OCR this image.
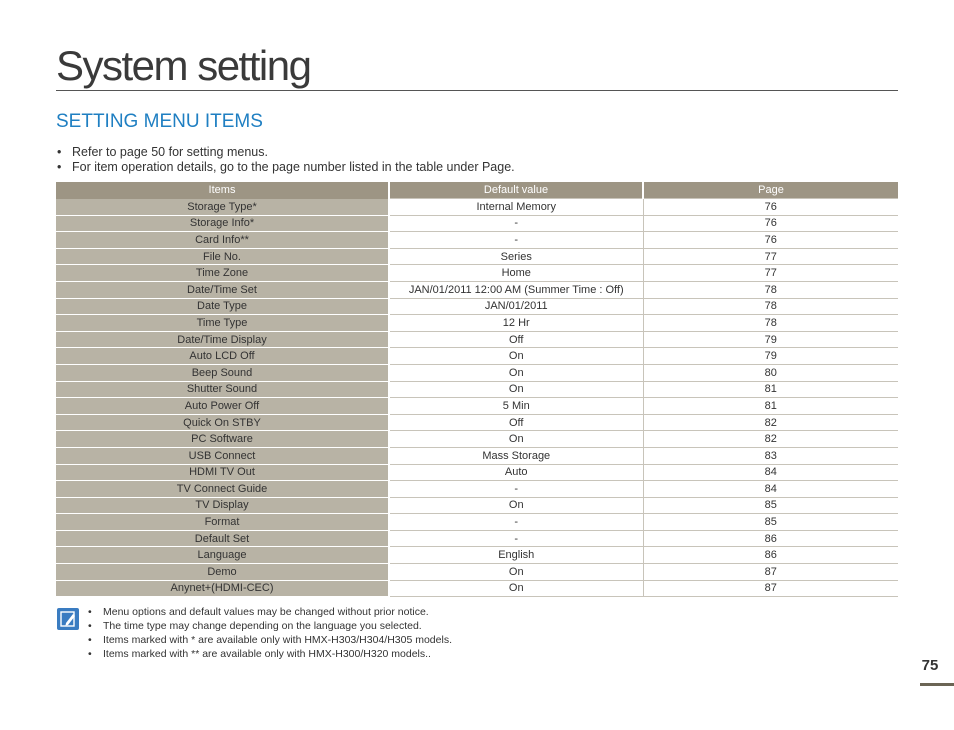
System setting
SETTING MENU ITEMS
• Refer to page 50 for setting menus.
• For item operation details, go to the page number listed in the table under Page.
Items	Default value	Page
Storage Type*	Internal Memory	76
Storage Info*	-	76
Card Info**	-	76
File No.	Series	77
Time Zone	Home	77
Date/Time Set	JAN/01/2011 12:00 AM (Summer Time : Off)	78
Date Type	JAN/01/2011	78
Time Type	12 Hr	78
Date/Time Display	Off	79
Auto LCD Off	On	79
Beep Sound	On	80
Shutter Sound	On	81
Auto Power Off	5 Min	81
Quick On STBY	Off	82
PC Software	On	82
USB Connect	Mass Storage	83
HDMI TV Out	Auto	84
TV Connect Guide	-	84
TV Display	On	85
Format	-	85
Default Set	-	86
Language	English	86
Demo	On	87
Anynet+(HDMI-CEC)	On	87
• Menu options and default values may be changed without prior notice.
• The time type may change depending on the language you selected.
• Items marked with * are available only with HMX-H303/H304/H305 models.
• Items marked with ** are available only with HMX-H300/H320 models..
75
